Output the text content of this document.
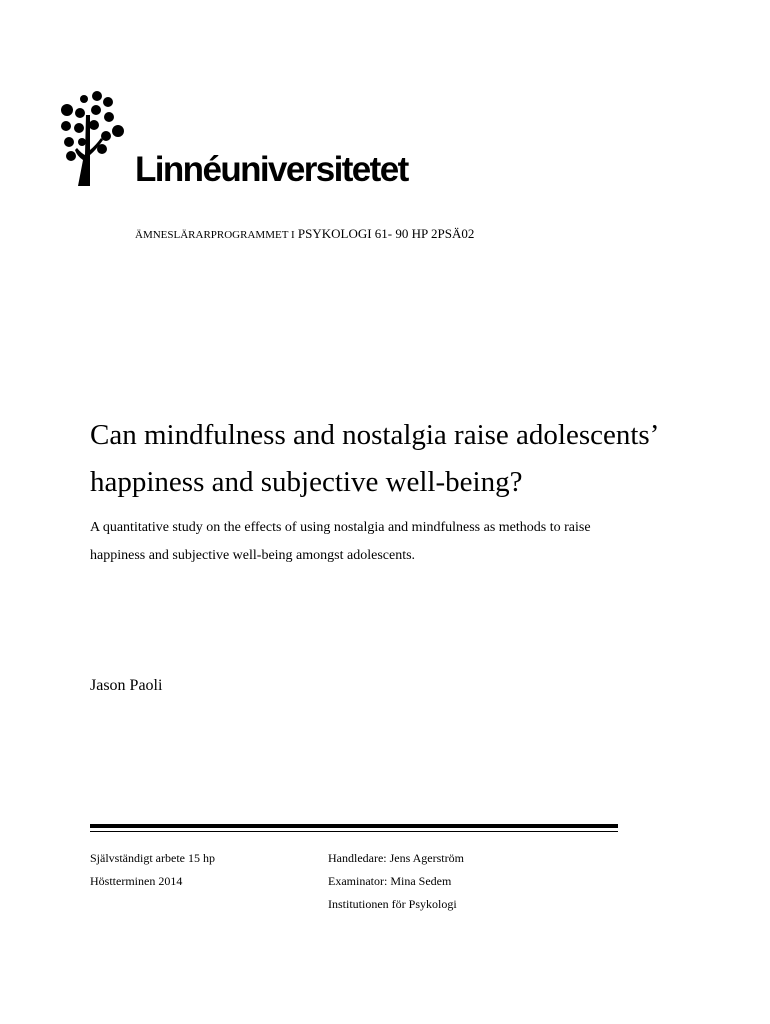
Linnéuniversitetet
ÄMNESLÄRARPROGRAMMET I PSYKOLOGI 61- 90 HP 2PSÄ02
Can mindfulness and nostalgia raise adolescents’
happiness and subjective well-being?
A quantitative study on the effects of using nostalgia and mindfulness as methods to raise
happiness and subjective well-being amongst adolescents.
Jason Paoli
Självständigt arbete 15 hp
Höstterminen 2014
Handledare: Jens Agerström
Examinator: Mina Sedem
Institutionen för Psykologi
